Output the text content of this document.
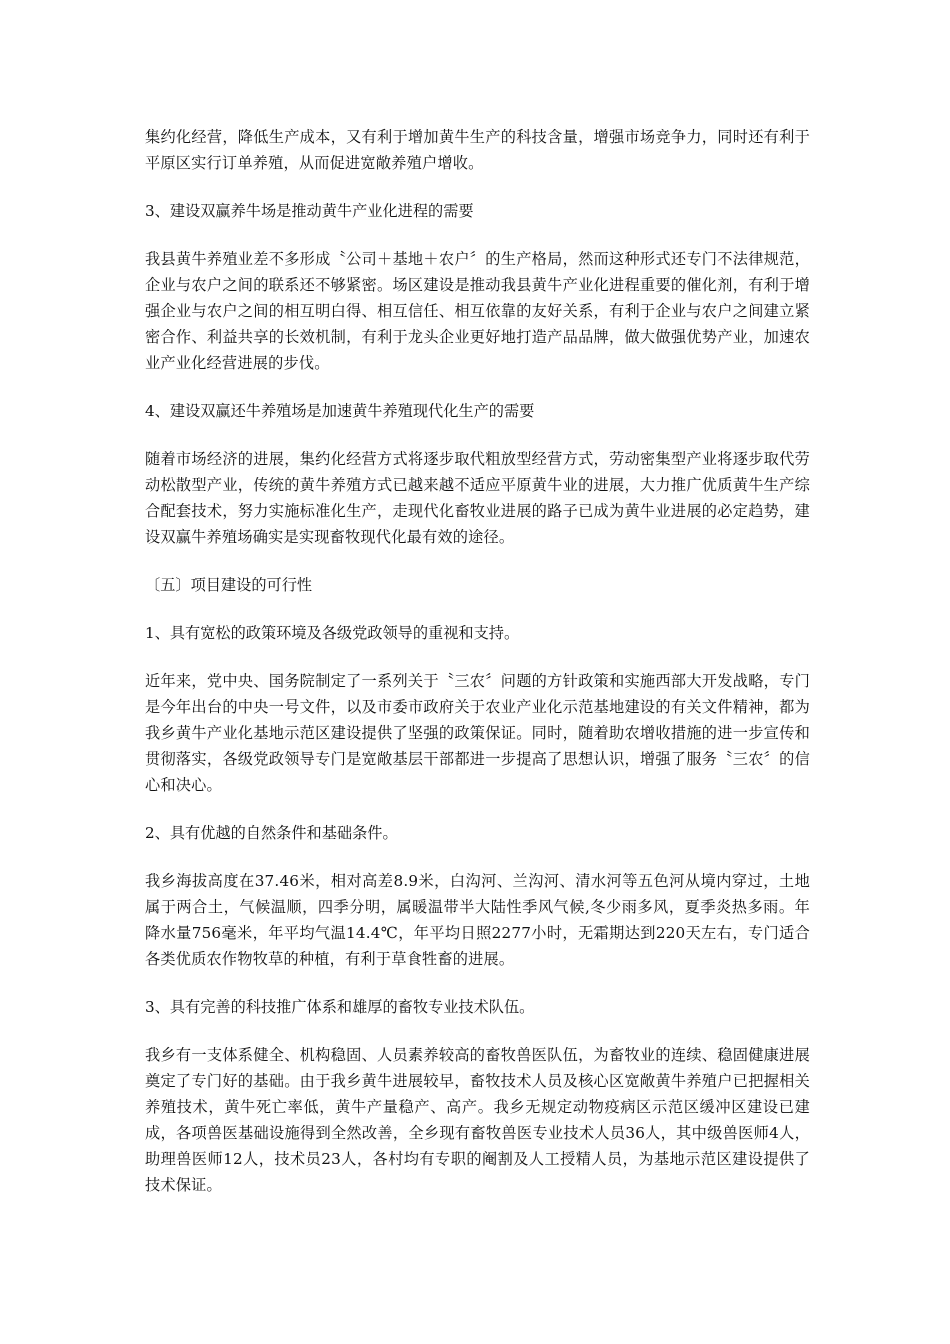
集约化经营，降低生产成本，又有利于增加黄牛生产的科技含量，增强市场竞争力，同时还有利于平原区实行订单养殖，从而促进宽敞养殖户增收。

3、建设双赢养牛场是推动黄牛产业化进程的需要

我县黄牛养殖业差不多形成〝公司＋基地＋农户〞的生产格局，然而这种形式还专门不法律规范，企业与农户之间的联系还不够紧密。场区建设是推动我县黄牛产业化进程重要的催化剂，有利于增强企业与农户之间的相互明白得、相互信任、相互依靠的友好关系，有利于企业与农户之间建立紧密合作、利益共享的长效机制，有利于龙头企业更好地打造产品品牌，做大做强优势产业，加速农业产业化经营进展的步伐。

4、建设双赢还牛养殖场是加速黄牛养殖现代化生产的需要

随着市场经济的进展，集约化经营方式将逐步取代粗放型经营方式，劳动密集型产业将逐步取代劳动松散型产业，传统的黄牛养殖方式已越来越不适应平原黄牛业的进展，大力推广优质黄牛生产综合配套技术，努力实施标准化生产，走现代化畜牧业进展的路子已成为黄牛业进展的必定趋势，建设双赢牛养殖场确实是实现畜牧现代化最有效的途径。

〔五〕项目建设的可行性

1、具有宽松的政策环境及各级党政领导的重视和支持。

近年来，党中央、国务院制定了一系列关于〝三农〞问题的方针政策和实施西部大开发战略，专门是今年出台的中央一号文件，以及市委市政府关于农业产业化示范基地建设的有关文件精神，都为我乡黄牛产业化基地示范区建设提供了坚强的政策保证。同时，随着助农增收措施的进一步宣传和贯彻落实，各级党政领导专门是宽敞基层干部都进一步提高了思想认识，增强了服务〝三农〞的信心和决心。

2、具有优越的自然条件和基础条件。

我乡海拔高度在37.46米，相对高差8.9米，白沟河、兰沟河、清水河等五色河从境内穿过，土地属于两合土，气候温顺，四季分明，属暖温带半大陆性季风气候,冬少雨多风，夏季炎热多雨。年降水量756毫米，年平均气温14.4℃，年平均日照2277小时，无霜期达到220天左右，专门适合各类优质农作物牧草的种植，有利于草食牲畜的进展。

3、具有完善的科技推广体系和雄厚的畜牧专业技术队伍。

我乡有一支体系健全、机构稳固、人员素养较高的畜牧兽医队伍，为畜牧业的连续、稳固健康进展奠定了专门好的基础。由于我乡黄牛进展较早，畜牧技术人员及核心区宽敞黄牛养殖户已把握相关养殖技术，黄牛死亡率低，黄牛产量稳产、高产。我乡无规定动物疫病区示范区缓冲区建设已建成，各项兽医基础设施得到全然改善，全乡现有畜牧兽医专业技术人员36人，其中级兽医师4人，助理兽医师12人，技术员23人，各村均有专职的阉割及人工授精人员，为基地示范区建设提供了技术保证。
